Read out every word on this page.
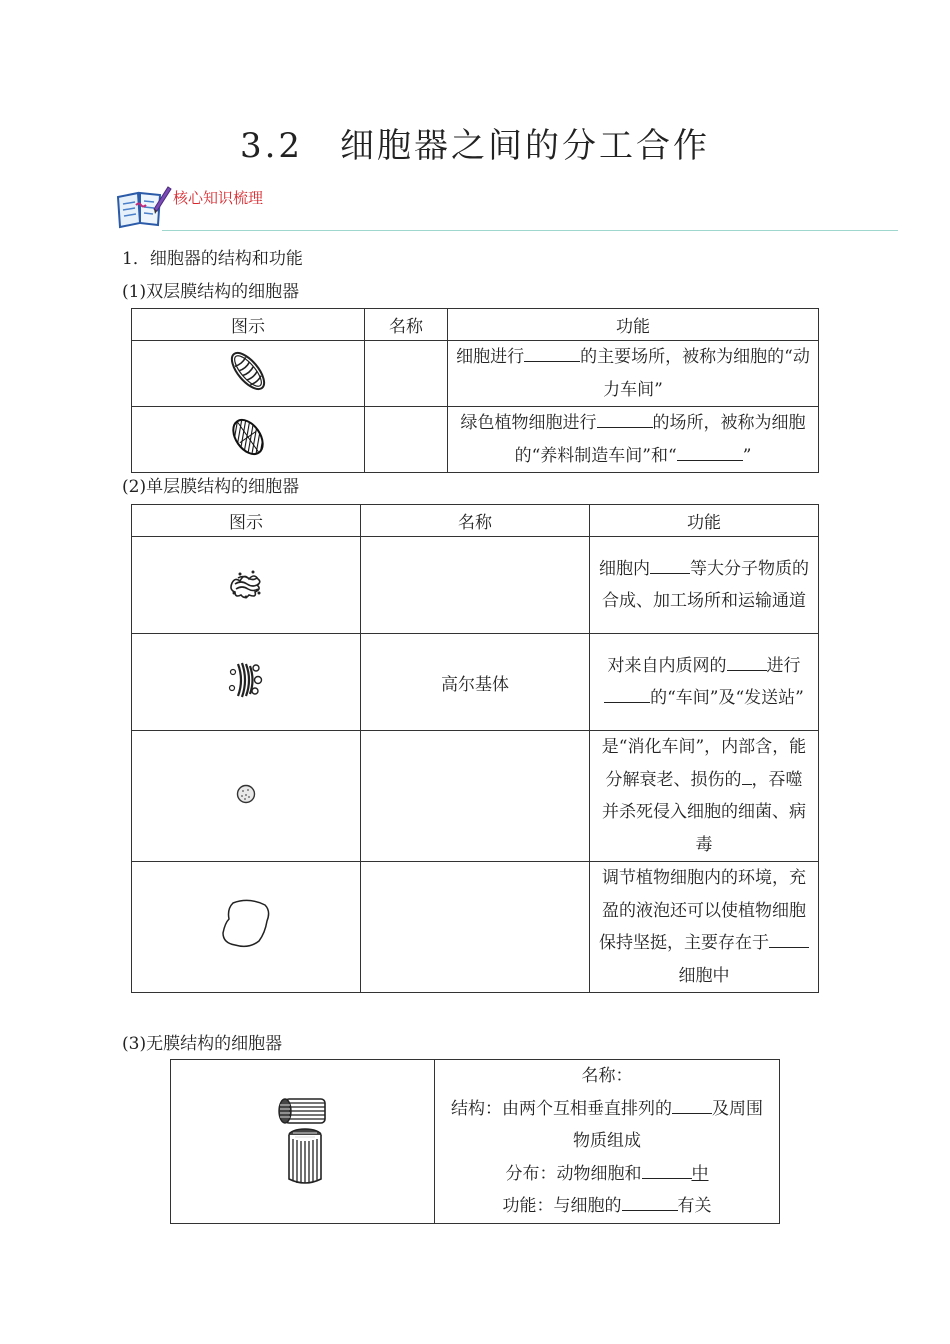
3.2　细胞器之间的分工合作
核心知识梳理
1．细胞器的结构和功能
(1)双层膜结构的细胞器
图示	名称	功能
		细胞进行 的主要场所，被称为细胞的“动力车间”
		绿色植物细胞进行 的场所，被称为细胞的“养料制造车间”和“ ”
(2)单层膜结构的细胞器
图示	名称	功能
		细胞内 等大分子物质的合成、加工场所和运输通道
	高尔基体	对来自内质网的 进行的“车间”及“发送站”
		是“消化车间”，内部含，能分解衰老、损伤的 ，吞噬并杀死侵入细胞的细菌、病毒
		调节植物细胞内的环境，充盈的液泡还可以使植物细胞保持坚挺，主要存在于细胞中
(3)无膜结构的细胞器

名称：
结构：由两个互相垂直排列的 及周围物质组成
分布：动物细胞和	中
功能：与细胞的	有关
